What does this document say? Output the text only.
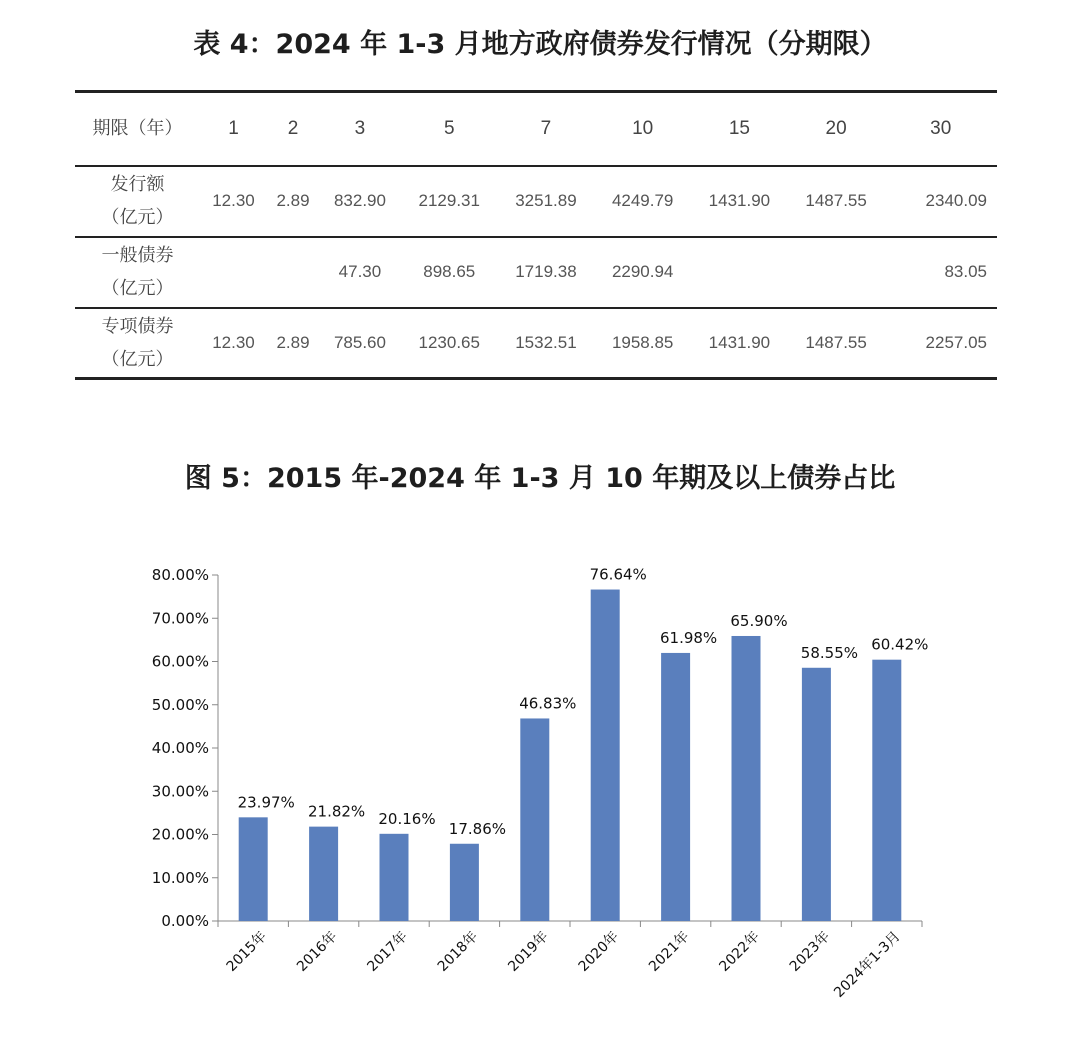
表 4：2024 年 1-3 月地方政府债券发行情况（分期限）
期限（年）	1	2	3	5	7	10	15	20	30

发行额
（亿元）	12.30	2.89	832.90	2129.31	3251.89	4249.79	1431.90	1487.55	2340.09

一般债券
（亿元）			47.30	898.65	1719.38	2290.94			83.05

专项债券
（亿元）	12.30	2.89	785.60	1230.65	1532.51	1958.85	1431.90	1487.55	2257.05
图 5：2015 年-2024 年 1-3 月 10 年期及以上债券占比
0.00%
10.00%
20.00%
30.00%
40.00%
50.00%
60.00%
70.00%
80.00%
23.97%
2015年
21.82%
2016年
20.16%
2017年
17.86%
2018年
46.83%
2019年
76.64%
2020年
61.98%
2021年
65.90%
2022年
58.55%
2023年
60.42%
2024年1-3月
